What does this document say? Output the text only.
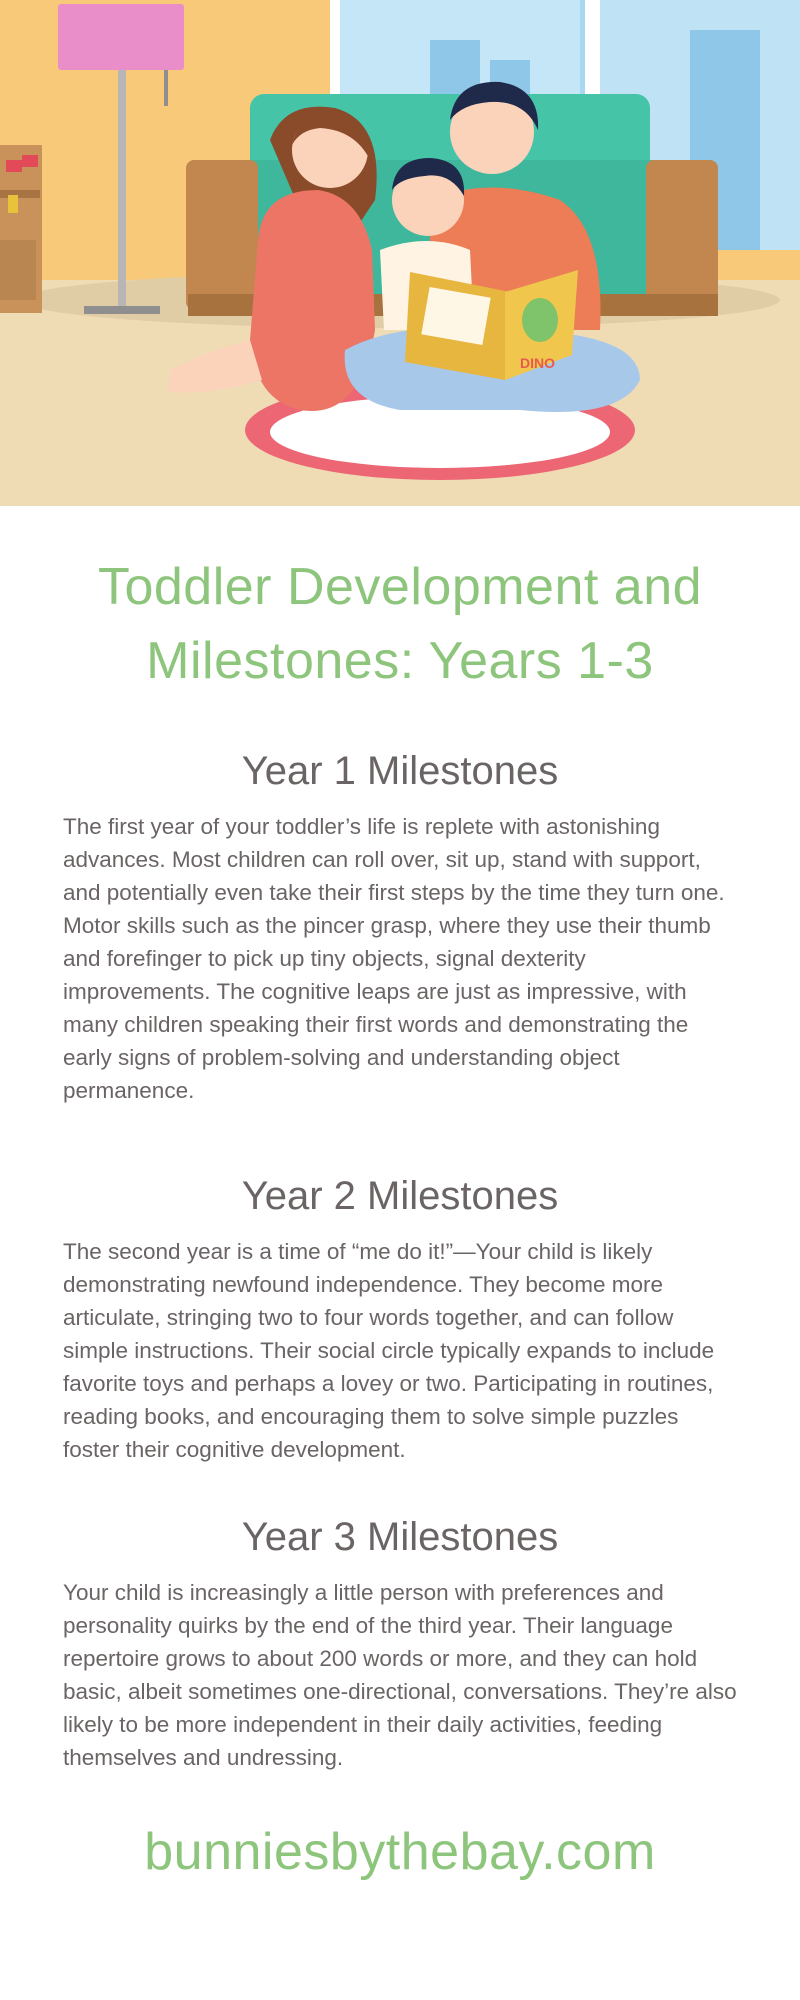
DINO
Toddler Development and Milestones: Years 1-3
Year 1 Milestones

The first year of your toddler’s life is replete with astonishing advances. Most children can roll over, sit up, stand with support, and potentially even take their first steps by the time they turn one. Motor skills such as the pincer grasp, where they use their thumb and forefinger to pick up tiny objects, signal dexterity improvements. The cognitive leaps are just as impressive, with many children speaking their first words and demonstrating the early signs of problem-solving and understanding object permanence.

Year 2 Milestones

The second year is a time of “me do it!”—Your child is likely demonstrating newfound independence. They become more articulate, stringing two to four words together, and can follow simple instructions. Their social circle typically expands to include favorite toys and perhaps a lovey or two. Participating in routines, reading books, and encouraging them to solve simple puzzles foster their cognitive development.

Year 3 Milestones

Your child is increasingly a little person with preferences and personality quirks by the end of the third year. Their language repertoire grows to about 200 words or more, and they can hold basic, albeit sometimes one-directional, conversations. They’re also likely to be more independent in their daily activities, feeding themselves and undressing.

bunniesbythebay.com
